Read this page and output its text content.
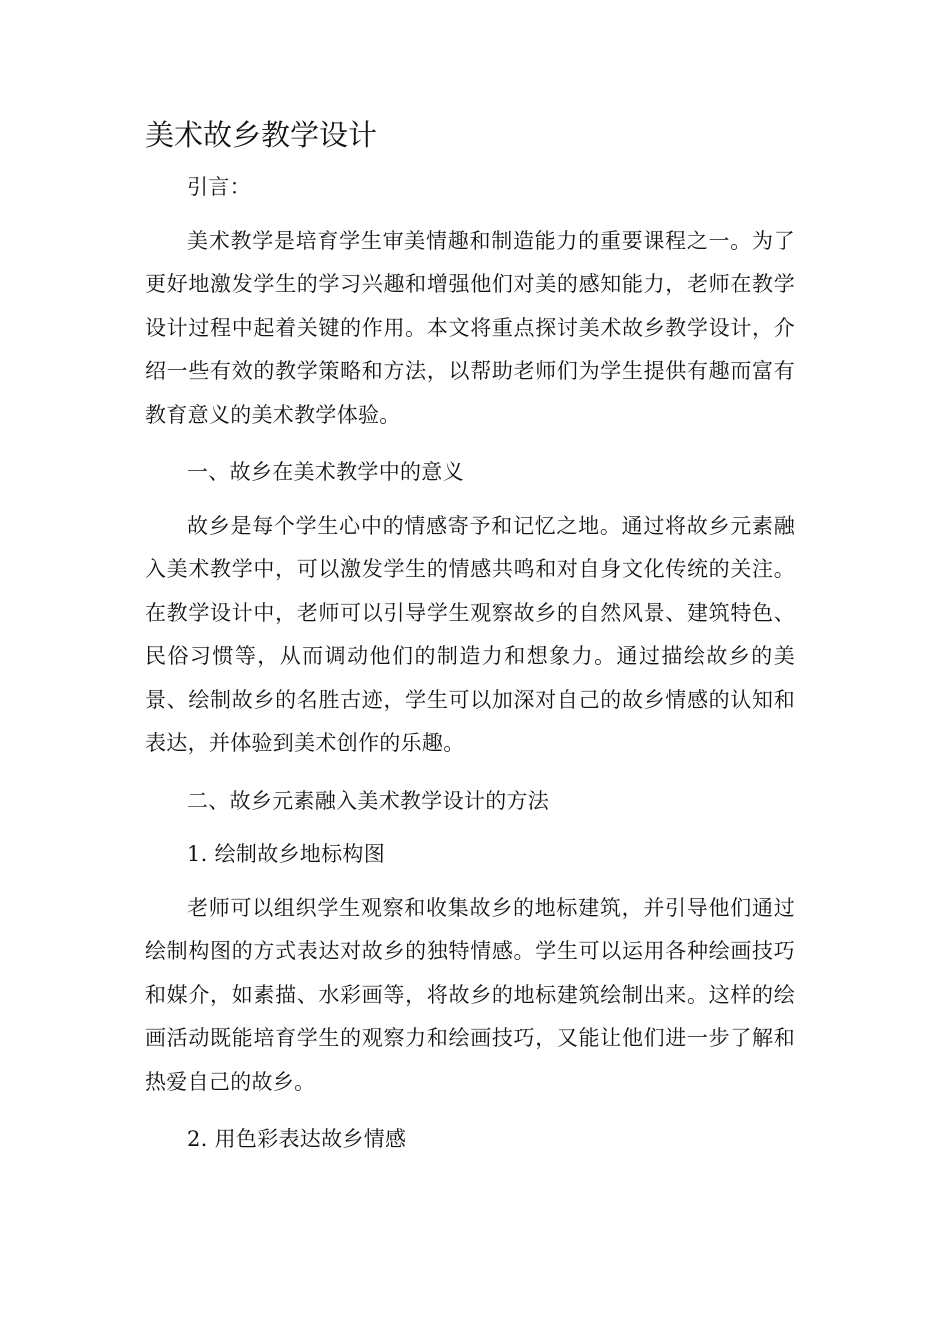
美术故乡教学设计

引言：

美术教学是培育学生审美情趣和制造能力的重要课程之一。为了更好地激发学生的学习兴趣和增强他们对美的感知能力，老师在教学设计过程中起着关键的作用。本文将重点探讨美术故乡教学设计，介绍一些有效的教学策略和方法，以帮助老师们为学生提供有趣而富有教育意义的美术教学体验。

一、故乡在美术教学中的意义

故乡是每个学生心中的情感寄予和记忆之地。通过将故乡元素融入美术教学中，可以激发学生的情感共鸣和对自身文化传统的关注。在教学设计中，老师可以引导学生观察故乡的自然风景、建筑特色、民俗习惯等，从而调动他们的制造力和想象力。通过描绘故乡的美景、绘制故乡的名胜古迹，学生可以加深对自己的故乡情感的认知和表达，并体验到美术创作的乐趣。

二、故乡元素融入美术教学设计的方法

1. 绘制故乡地标构图

老师可以组织学生观察和收集故乡的地标建筑，并引导他们通过绘制构图的方式表达对故乡的独特情感。学生可以运用各种绘画技巧和媒介，如素描、水彩画等，将故乡的地标建筑绘制出来。这样的绘画活动既能培育学生的观察力和绘画技巧，又能让他们进一步了解和热爱自己的故乡。

2. 用色彩表达故乡情感
